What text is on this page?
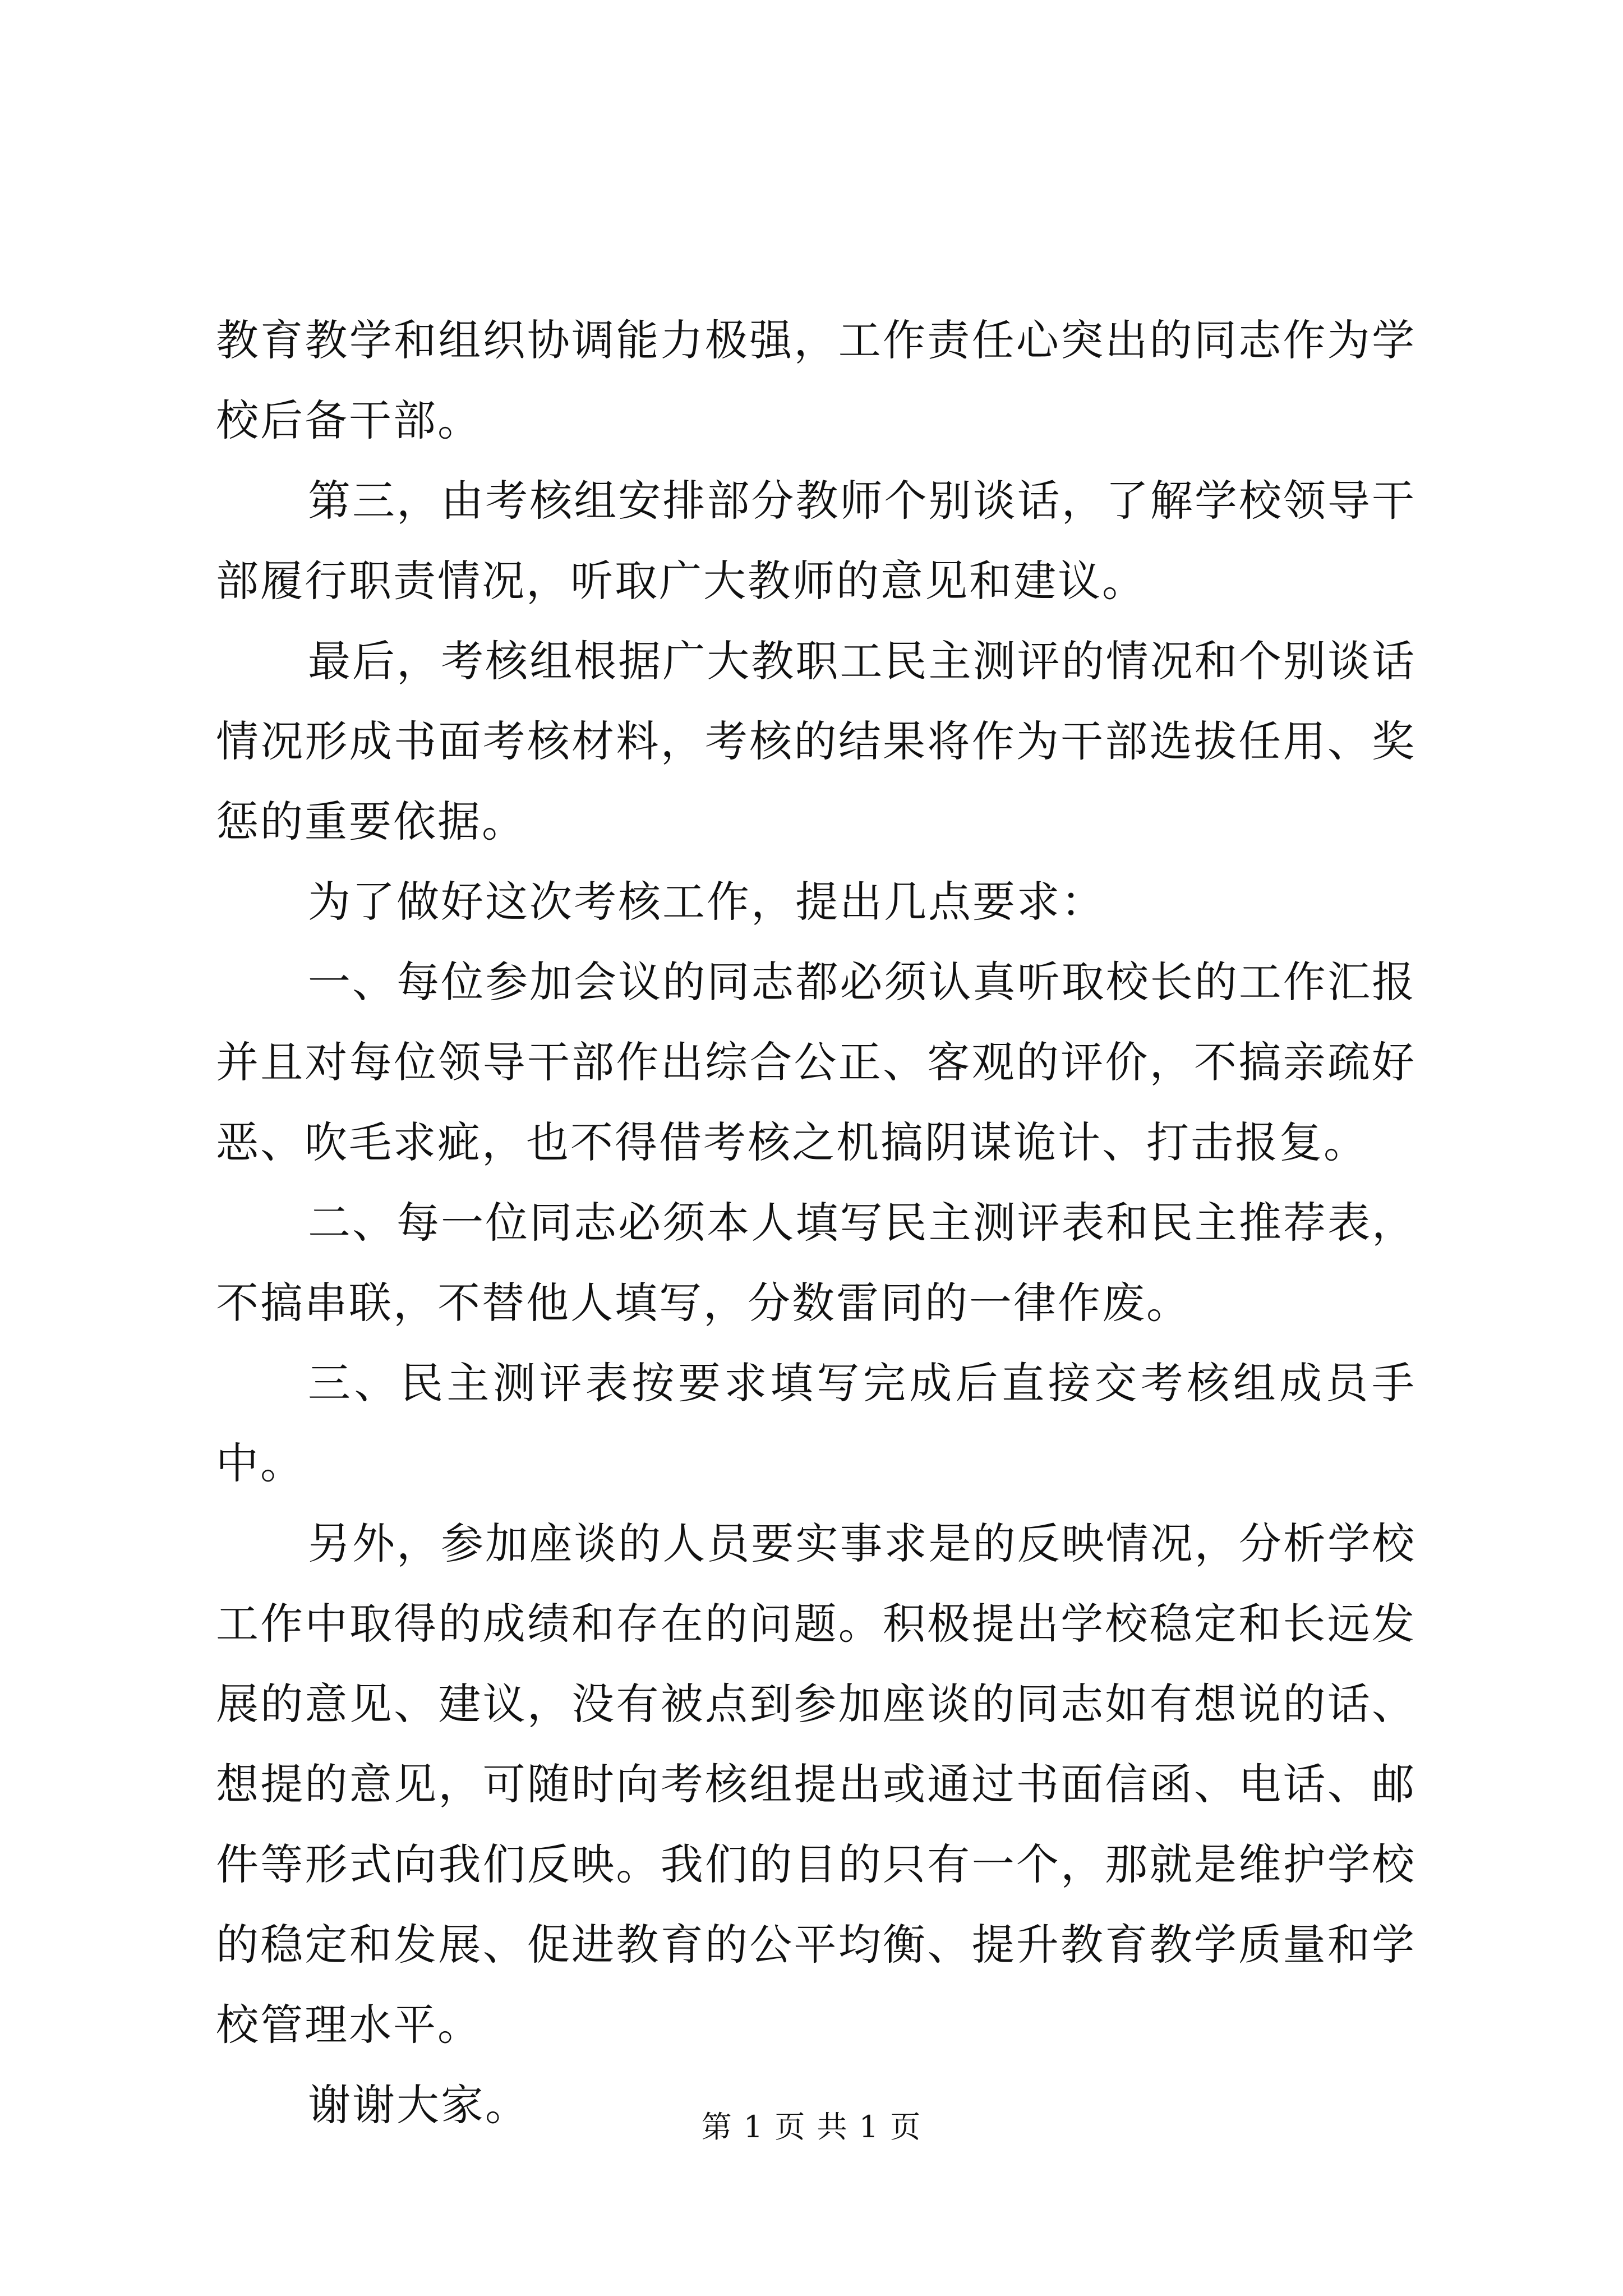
教育教学和组织协调能力极强，工作责任心突出的同志作为学校后备干部。

第三，由考核组安排部分教师个别谈话，了解学校领导干部履行职责情况，听取广大教师的意见和建议。

最后，考核组根据广大教职工民主测评的情况和个别谈话情况形成书面考核材料，考核的结果将作为干部选拔任用、奖惩的重要依据。

为了做好这次考核工作，提出几点要求：

一、每位参加会议的同志都必须认真听取校长的工作汇报并且对每位领导干部作出综合公正、客观的评价，不搞亲疏好恶、吹毛求疵，也不得借考核之机搞阴谋诡计、打击报复。

二、每一位同志必须本人填写民主测评表和民主推荐表，不搞串联，不替他人填写，分数雷同的一律作废。

三、民主测评表按要求填写完成后直接交考核组成员手中。

另外，参加座谈的人员要实事求是的反映情况，分析学校工作中取得的成绩和存在的问题。积极提出学校稳定和长远发展的意见、建议，没有被点到参加座谈的同志如有想说的话、想提的意见，可随时向考核组提出或通过书面信函、电话、邮件等形式向我们反映。我们的目的只有一个，那就是维护学校的稳定和发展、促进教育的公平均衡、提升教育教学质量和学校管理水平。

谢谢大家。	第 1 页 共 1 页
